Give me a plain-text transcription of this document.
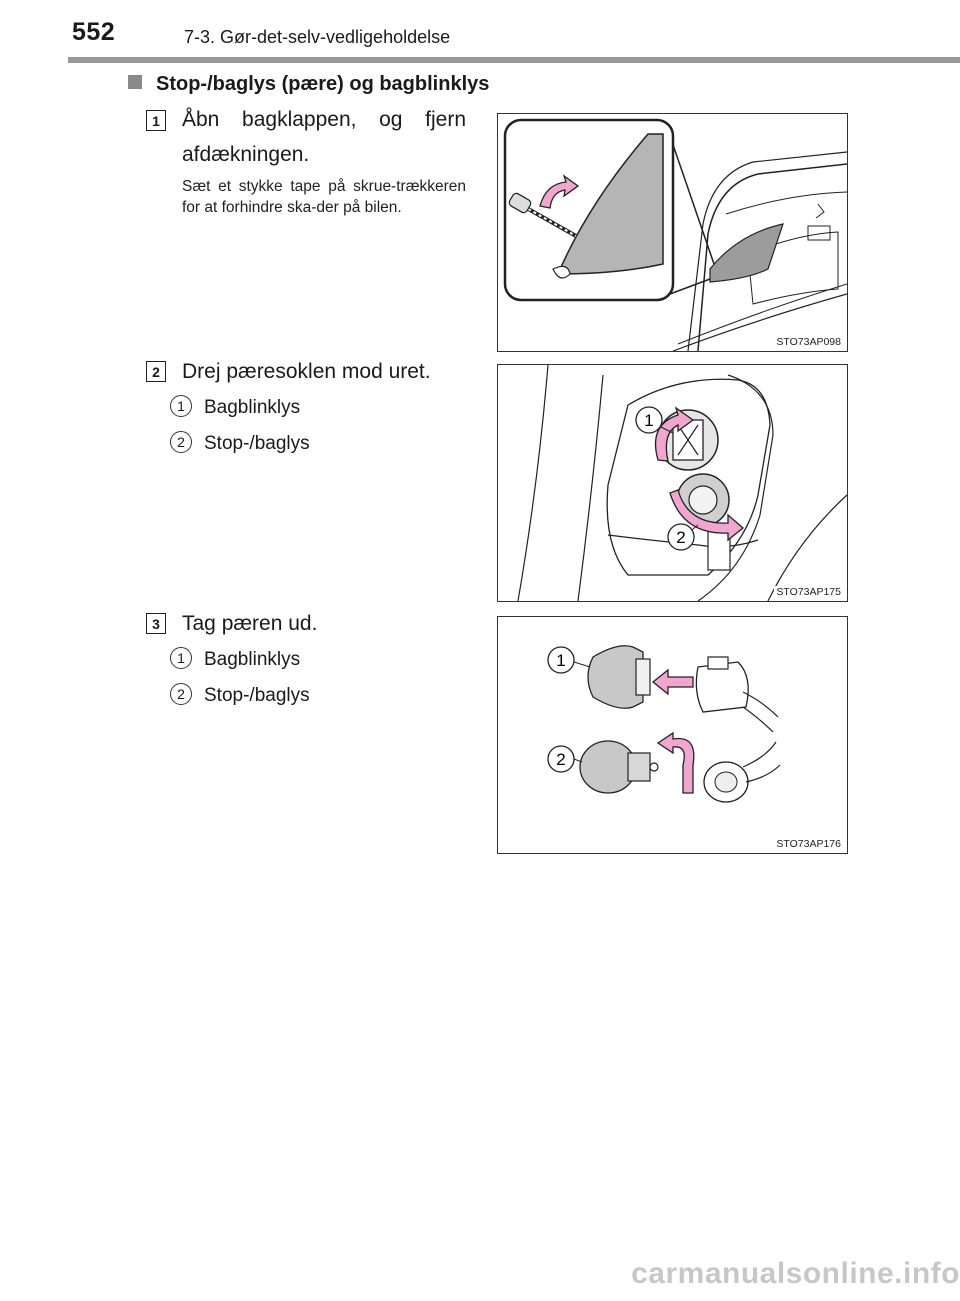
552	7-3. Gør-det-selv-vedligeholdelse
Stop-/baglys (pære) og bagblinklys
1 Åbn bagklappen, og fjern afdækningen.
Sæt et stykke tape på skrue-trækkeren for at forhindre ska-der på bilen.
STO73AP098
2 Drej pæresoklen mod uret.
1 Bagblinklys
2 Stop-/baglys
1
2
STO73AP175
3 Tag pæren ud.
1 Bagblinklys
2 Stop-/baglys
1
2
STO73AP176
carmanualsonline.info
